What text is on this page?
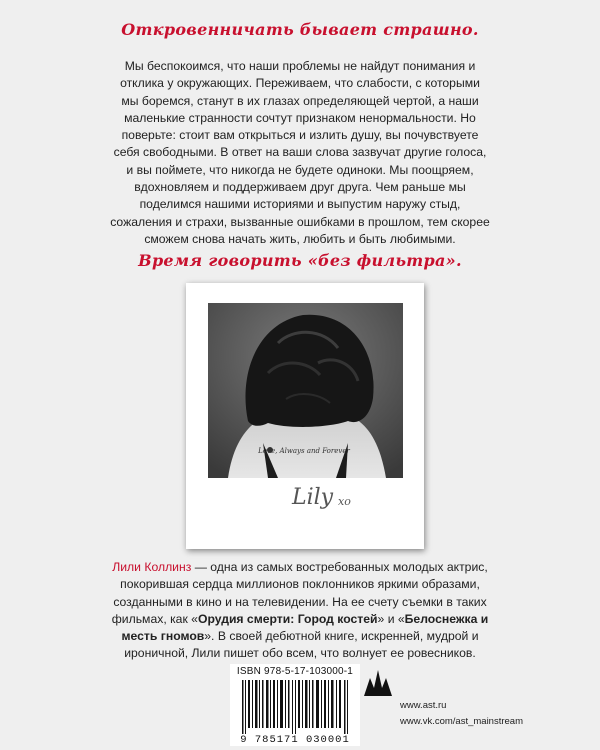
Откровенничать бывает страшно.
Мы беспокоимся, что наши проблемы не найдут понимания и отклика у окружающих. Переживаем, что слабости, с которыми мы боремся, станут в их глазах определяющей чертой, а наши маленькие странности сочтут признаком ненормальности. Но поверьте: стоит вам открыться и излить душу, вы почувствуете себя свободными. В ответ на ваши слова зазвучат другие голоса, и вы поймете, что никогда не будете одиноки. Мы поощряем, вдохновляем и поддерживаем друг друга. Чем раньше мы поделимся нашими историями и выпустим наружу стыд, сожаления и страхи, вызванные ошибками в прошлом, тем скорее сможем снова начать жить, любить и быть любимыми.
Время говорить «без фильтра».
Love, Always and Forever
Lily xo
Лили Коллинз — одна из самых востребованных молодых актрис, покорившая сердца миллионов поклонников яркими образами, созданными в кино и на телевидении. На ее счету съемки в таких фильмах, как «Орудия смерти: Город костей» и «Белоснежка и месть гномов». В своей дебютной книге, искренней, мудрой и ироничной, Лили пишет обо всем, что волнует ее ровесников.
ISBN 978-5-17-103000-1
9 785171 030001
www.ast.ru
www.vk.com/ast_mainstream
